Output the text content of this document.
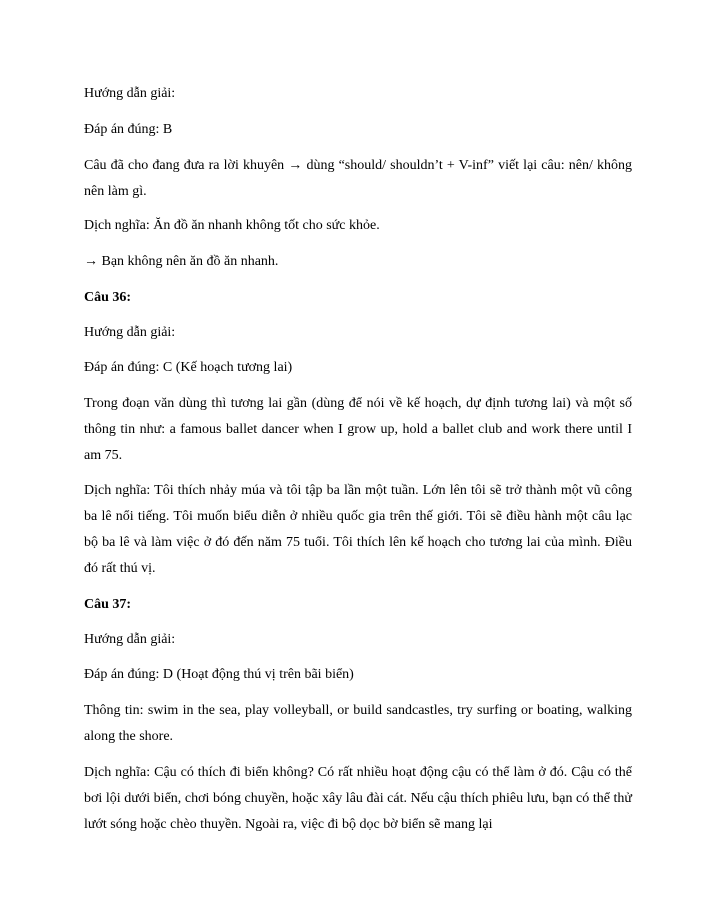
Hướng dẫn giải:

Đáp án đúng: B

Câu đã cho đang đưa ra lời khuyên → dùng “should/ shouldn’t + V-inf” viết lại câu: nên/ không nên làm gì.

Dịch nghĩa: Ăn đồ ăn nhanh không tốt cho sức khỏe.

→ Bạn không nên ăn đồ ăn nhanh.

Câu 36:

Hướng dẫn giải:

Đáp án đúng: C (Kế hoạch tương lai)

Trong đoạn văn dùng thì tương lai gần (dùng để nói về kế hoạch, dự định tương lai) và một số thông tin như: a famous ballet dancer when I grow up, hold a ballet club and work there until I am 75.

Dịch nghĩa: Tôi thích nhảy múa và tôi tập ba lần một tuần. Lớn lên tôi sẽ trở thành một vũ công ba lê nổi tiếng. Tôi muốn biểu diễn ở nhiều quốc gia trên thế giới. Tôi sẽ điều hành một câu lạc bộ ba lê và làm việc ở đó đến năm 75 tuổi. Tôi thích lên kế hoạch cho tương lai của mình. Điều đó rất thú vị.

Câu 37:

Hướng dẫn giải:

Đáp án đúng: D (Hoạt động thú vị trên bãi biển)

Thông tin: swim in the sea, play volleyball, or build sandcastles, try surfing or boating, walking along the shore.

Dịch nghĩa: Cậu có thích đi biển không? Có rất nhiều hoạt động cậu có thể làm ở đó. Cậu có thể bơi lội dưới biển, chơi bóng chuyền, hoặc xây lâu đài cát. Nếu cậu thích phiêu lưu, bạn có thể thử lướt sóng hoặc chèo thuyền. Ngoài ra, việc đi bộ dọc bờ biển sẽ mang lại
